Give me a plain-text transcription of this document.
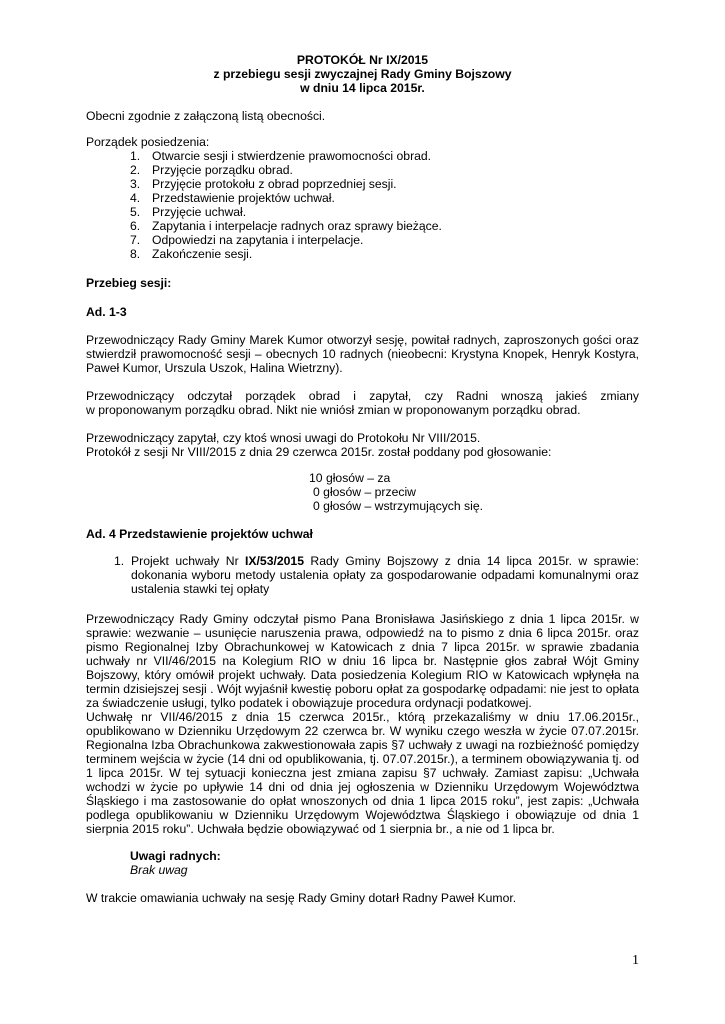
PROTOKÓŁ Nr IX/2015
z przebiegu sesji zwyczajnej Rady Gminy Bojszowy
w dniu 14 lipca 2015r.
Obecni zgodnie z załączoną listą obecności.
Porządek posiedzenia:
1. Otwarcie sesji i stwierdzenie prawomocności obrad.
2. Przyjęcie porządku obrad.
3. Przyjęcie protokołu z obrad poprzedniej sesji.
4. Przedstawienie projektów uchwał.
5. Przyjęcie uchwał.
6. Zapytania i interpelacje radnych oraz sprawy bieżące.
7. Odpowiedzi na zapytania i interpelacje.
8. Zakończenie sesji.
Przebieg sesji:
Ad. 1-3
Przewodniczący Rady Gminy Marek Kumor otworzył sesję, powitał radnych, zaproszonych gości oraz
stwierdził prawomocność sesji – obecnych 10 radnych (nieobecni: Krystyna Knopek, Henryk Kostyra,
Paweł Kumor, Urszula Uszok, Halina Wietrzny).
Przewodniczący odczytał porządek obrad i zapytał, czy Radni wnoszą jakieś zmiany
w proponowanym porządku obrad. Nikt nie wniósł zmian w proponowanym porządku obrad.
Przewodniczący zapytał, czy ktoś wnosi uwagi do Protokołu Nr VIII/2015.
Protokół z sesji Nr VIII/2015 z dnia 29 czerwca 2015r. został poddany pod głosowanie:
10 głosów – za
0 głosów – przeciw
0 głosów – wstrzymujących się.
Ad. 4 Przedstawienie projektów uchwał
1. Projekt uchwały Nr IX/53/2015 Rady Gminy Bojszowy z dnia 14 lipca 2015r. w sprawie:
dokonania wyboru metody ustalenia opłaty za gospodarowanie odpadami komunalnymi oraz
ustalenia stawki tej opłaty
Przewodniczący Rady Gminy odczytał pismo Pana Bronisława Jasińskiego z dnia 1 lipca 2015r. w
sprawie: wezwanie – usunięcie naruszenia prawa, odpowiedź na to pismo z dnia 6 lipca 2015r. oraz
pismo Regionalnej Izby Obrachunkowej w Katowicach z dnia 7 lipca 2015r. w sprawie zbadania
uchwały nr VII/46/2015 na Kolegium RIO w dniu 16 lipca br. Następnie głos zabrał Wójt Gminy
Bojszowy, który omówił projekt uchwały. Data posiedzenia Kolegium RIO w Katowicach wpłynęła na
termin dzisiejszej sesji . Wójt wyjaśnił kwestię poboru opłat za gospodarkę odpadami: nie jest to opłata
za świadczenie usługi, tylko podatek i obowiązuje procedura ordynacji podatkowej.
Uchwałę nr VII/46/2015 z dnia 15 czerwca 2015r., którą przekazaliśmy w dniu 17.06.2015r.,
opublikowano w Dzienniku Urzędowym 22 czerwca br. W wyniku czego weszła w życie 07.07.2015r.
Regionalna Izba Obrachunkowa zakwestionowała zapis §7 uchwały z uwagi na rozbieżność pomiędzy
terminem wejścia w życie (14 dni od opublikowania, tj. 07.07.2015r.), a terminem obowiązywania tj. od
1 lipca 2015r. W tej sytuacji konieczna jest zmiana zapisu §7 uchwały. Zamiast zapisu: „Uchwała
wchodzi w życie po upływie 14 dni od dnia jej ogłoszenia w Dzienniku Urzędowym Województwa
Śląskiego i ma zastosowanie do opłat wnoszonych od dnia 1 lipca 2015 roku”, jest zapis: „Uchwała
podlega opublikowaniu w Dzienniku Urzędowym Województwa Śląskiego i obowiązuje od dnia 1
sierpnia 2015 roku”. Uchwała będzie obowiązywać od 1 sierpnia br., a nie od 1 lipca br.
Uwagi radnych:
Brak uwag
W trakcie omawiania uchwały na sesję Rady Gminy dotarł Radny Paweł Kumor.
1
